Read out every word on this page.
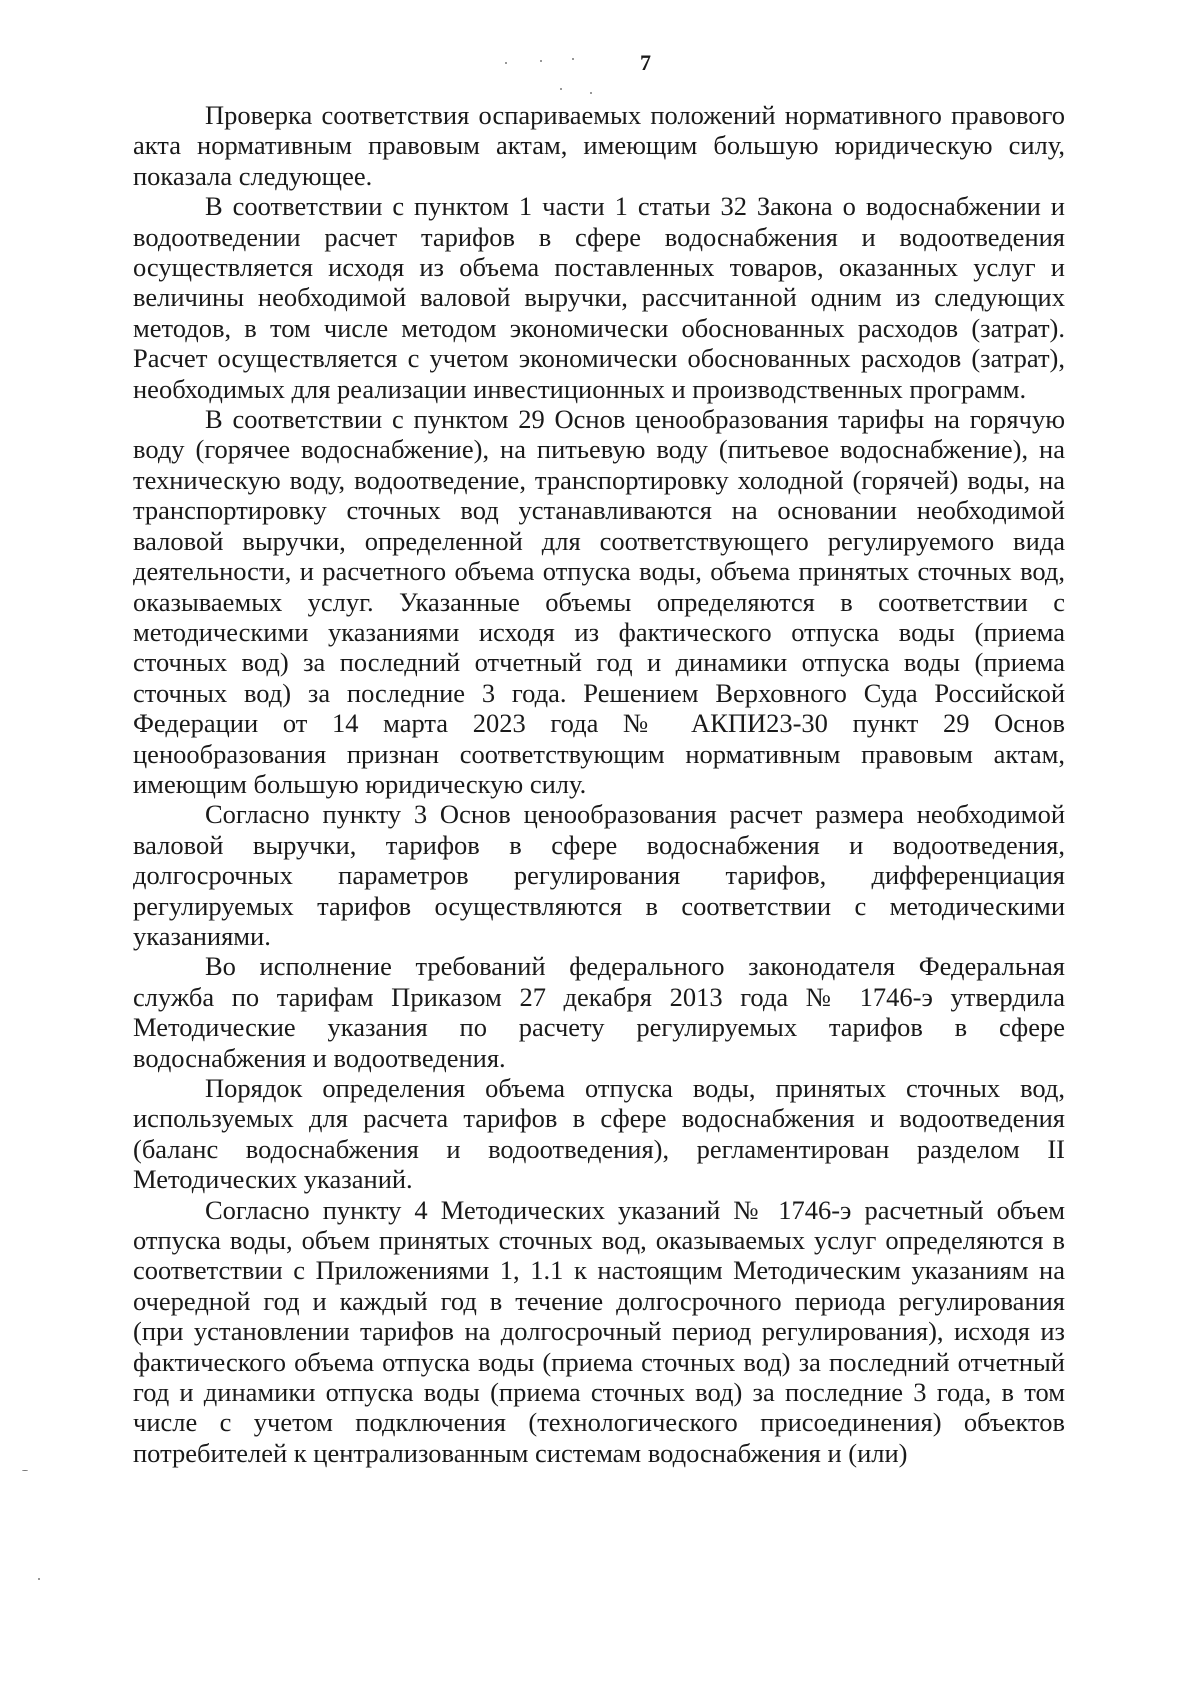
7

Проверка соответствия оспариваемых положений нормативного правового акта нормативным правовым актам, имеющим большую юридическую силу, показала следующее.

В соответствии с пунктом 1 части 1 статьи 32 Закона о водоснабжении и водоотведении расчет тарифов в сфере водоснабжения и водоотведения осуществляется исходя из объема поставленных товаров, оказанных услуг и величины необходимой валовой выручки, рассчитанной одним из следующих методов, в том числе методом экономически обоснованных расходов (затрат). Расчет осуществляется с учетом экономически обоснованных расходов (затрат), необходимых для реализации инвестиционных и производственных программ.

В соответствии с пунктом 29 Основ ценообразования тарифы на горячую воду (горячее водоснабжение), на питьевую воду (питьевое водоснабжение), на техническую воду, водоотведение, транспортировку холодной (горячей) воды, на транспортировку сточных вод устанавливаются на основании необходимой валовой выручки, определенной для соответствующего регулируемого вида деятельности, и расчетного объема отпуска воды, объема принятых сточных вод, оказываемых услуг. Указанные объемы определяются в соответствии с методическими указаниями исходя из фактического отпуска воды (приема сточных вод) за последний отчетный год и динамики отпуска воды (приема сточных вод) за последние 3 года. Решением Верховного Суда Российской Федерации от 14 марта 2023 года № АКПИ23-30 пункт 29 Основ ценообразования признан соответствующим нормативным правовым актам, имеющим большую юридическую силу.

Согласно пункту 3 Основ ценообразования расчет размера необходимой валовой выручки, тарифов в сфере водоснабжения и водоотведения, долгосрочных параметров регулирования тарифов, дифференциация регулируемых тарифов осуществляются в соответствии с методическими указаниями.

Во исполнение требований федерального законодателя Федеральная служба по тарифам Приказом 27 декабря 2013 года № 1746-э утвердила Методические указания по расчету регулируемых тарифов в сфере водоснабжения и водоотведения.

Порядок определения объема отпуска воды, принятых сточных вод, используемых для расчета тарифов в сфере водоснабжения и водоотведения (баланс водоснабжения и водоотведения), регламентирован разделом II Методических указаний.

Согласно пункту 4 Методических указаний № 1746-э расчетный объем отпуска воды, объем принятых сточных вод, оказываемых услуг определяются в соответствии с Приложениями 1, 1.1 к настоящим Методическим указаниям на очередной год и каждый год в течение долгосрочного периода регулирования (при установлении тарифов на долгосрочный период регулирования), исходя из фактического объема отпуска воды (приема сточных вод) за последний отчетный год и динамики отпуска воды (приема сточных вод) за последние 3 года, в том числе с учетом подключения (технологического присоединения) объектов потребителей к централизованным системам водоснабжения и (или)
